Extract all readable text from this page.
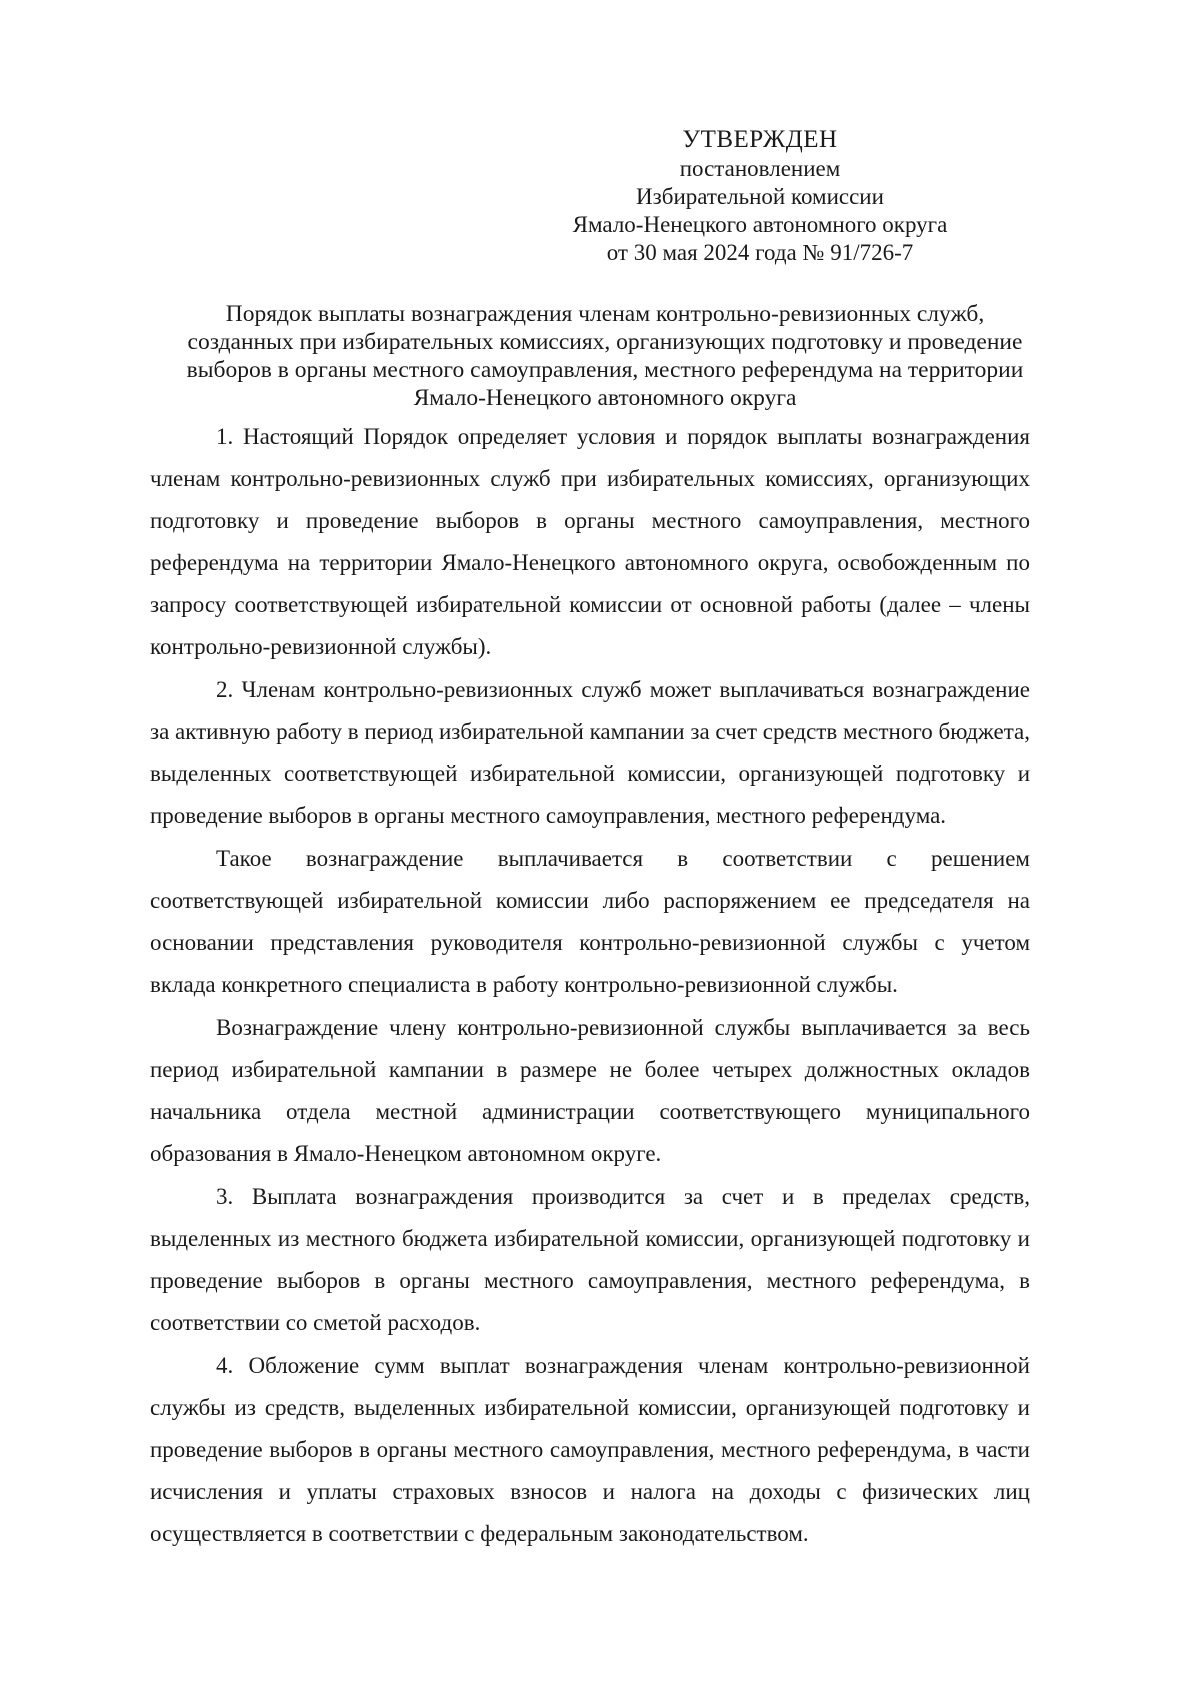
УТВЕРЖДЕН
постановлением
Избирательной комиссии
Ямало-Ненецкого автономного округа
от 30 мая 2024 года № 91/726-7
Порядок выплаты вознаграждения членам контрольно-ревизионных служб,
созданных при избирательных комиссиях, организующих подготовку и проведение
выборов в органы местного самоуправления, местного референдума на территории
Ямало-Ненецкого автономного округа

1. Настоящий Порядок определяет условия и порядок выплаты вознаграждения членам контрольно-ревизионных служб при избирательных комиссиях, организующих подготовку и проведение выборов в органы местного самоуправления, местного референдума на территории Ямало-Ненецкого автономного округа, освобожденным по запросу соответствующей избирательной комиссии от основной работы (далее – члены контрольно-ревизионной службы).

2. Членам контрольно-ревизионных служб может выплачиваться вознаграждение за активную работу в период избирательной кампании за счет средств местного бюджета, выделенных соответствующей избирательной комиссии, организующей подготовку и проведение выборов в органы местного самоуправления, местного референдума.

Такое вознаграждение выплачивается в соответствии с решением соответствующей избирательной комиссии либо распоряжением ее председателя на основании представления руководителя контрольно-ревизионной службы с учетом вклада конкретного специалиста в работу контрольно-ревизионной службы.

Вознаграждение члену контрольно-ревизионной службы выплачивается за весь период избирательной кампании в размере не более четырех должностных окладов начальника отдела местной администрации соответствующего муниципального образования в Ямало-Ненецком автономном округе.

3. Выплата вознаграждения производится за счет и в пределах средств, выделенных из местного бюджета избирательной комиссии, организующей подготовку и проведение выборов в органы местного самоуправления, местного референдума, в соответствии со сметой расходов.

4. Обложение сумм выплат вознаграждения членам контрольно-ревизионной службы из средств, выделенных избирательной комиссии, организующей подготовку и проведение выборов в органы местного самоуправления, местного референдума, в части исчисления и уплаты страховых взносов и налога на доходы с физических лиц осуществляется в соответствии с федеральным законодательством.
